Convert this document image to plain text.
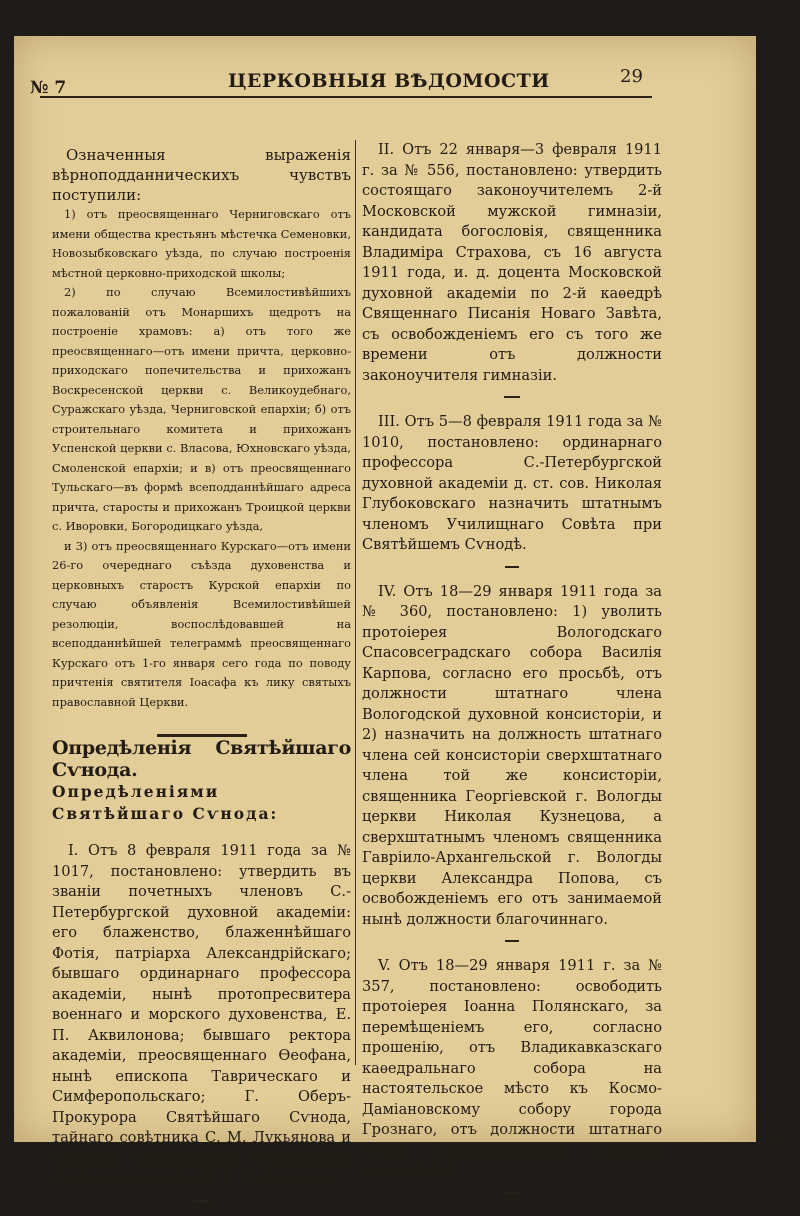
№ 7	ЦЕРКОВНЫЯ ВѢДОМОСТИ	29

Означенныя выраженія вѣрноподданническихъ чувствъ поступили:

1) отъ преосвященнаго Черниговскаго отъ имени общества крестьянъ мѣстечка Семеновки, Новозыбковскаго уѣзда, по случаю построенія мѣстной церковно-приходской школы;

2) по случаю Всемилостивѣйшихъ пожалованій отъ Монаршихъ щедротъ на построеніе храмовъ: а) отъ того же преосвященнаго—отъ имени причта, церковно-приходскаго попечительства и прихожанъ Воскресенской церкви с. Великоудебнаго, Суражскаго уѣзда, Черниговской епархіи; б) отъ строительнаго комитета и прихожанъ Успенской церкви с. Власова, Юхновскаго уѣзда, Смоленской епархіи; и в) отъ преосвященнаго Тульскаго—въ формѣ всеподданнѣйшаго адреса причта, старосты и прихожанъ Троицкой церкви с. Иворовки, Богородицкаго уѣзда,

и 3) отъ преосвященнаго Курскаго—отъ имени 26-го очереднаго съѣзда духовенства и церковныхъ старостъ Курской епархіи по случаю объявленія Всемилостивѣйшей резолюціи, воспослѣдовавшей на всеподданнѣйшей телеграммѣ преосвященнаго Курскаго отъ 1-го января сего года по поводу причтенія святителя Іоасафа къ лику святыхъ православной Церкви.

Опредѣленія Святѣйшаго Сѵнода.

Опредѣленіями Святѣйшаго Сѵнода:

I. Отъ 8 февраля 1911 года за № 1017, постановлено: утвердить въ званіи почетныхъ членовъ С.-Петербургской духовной академіи: его блаженство, блаженнѣйшаго Фотія, патріарха Александрійскаго; бывшаго ординарнаго профессора академіи, нынѣ протопресвитера военнаго и морского духовенства, Е. П. Аквилонова; бывшаго ректора академіи, преосвященнаго Ѳеофана, нынѣ епископа Таврическаго и Симферопольскаго; Г. Оберъ-Прокурора Святѣйшаго Сѵнода, тайнаго совѣтника С. М. Лукьянова и бывшаго заслуженнаго ординарнаго профессора академіи А. Пономарева.

II. Отъ 22 января—3 февраля 1911 г. за № 556, постановлено: утвердить состоящаго законоучителемъ 2-й Московской мужской гимназіи, кандидата богословія, священника Владиміра Страхова, съ 16 августа 1911 года, и. д. доцента Московской духовной академіи по 2-й каѳедрѣ Священнаго Писанія Новаго Завѣта, съ освобожденіемъ его съ того же времени отъ должности законоучителя гимназіи.

III. Отъ 5—8 февраля 1911 года за № 1010, постановлено: ординарнаго профессора С.-Петербургской духовной академіи д. ст. сов. Николая Глубоковскаго назначить штатнымъ членомъ Училищнаго Совѣта при Святѣйшемъ Сѵнодѣ.

IV. Отъ 18—29 января 1911 года за № 360, постановлено: 1) уволить протоіерея Вологодскаго Спасовсеградскаго собора Василія Карпова, согласно его просьбѣ, отъ должности штатнаго члена Вологодской духовной консисторіи, и 2) назначить на должность штатнаго члена сей консисторіи сверхштатнаго члена той же консисторіи, священника Георгіевской г. Вологды церкви Николая Кузнецова, а сверхштатнымъ членомъ священника Гавріило-Архангельской г. Вологды церкви Александра Попова, съ освобожденіемъ его отъ занимаемой нынѣ должности благочиннаго.

V. Отъ 18—29 января 1911 г. за № 357, постановлено: освободить протоіерея Іоанна Полянскаго, за перемѣщеніемъ его, согласно прошенію, отъ Владикавказскаго каѳедральнаго собора на настоятельское мѣсто къ Космо-Даміановскому собору города Грознаго, отъ должности штатнаго члена Владикавказской духовной консисторіи.
